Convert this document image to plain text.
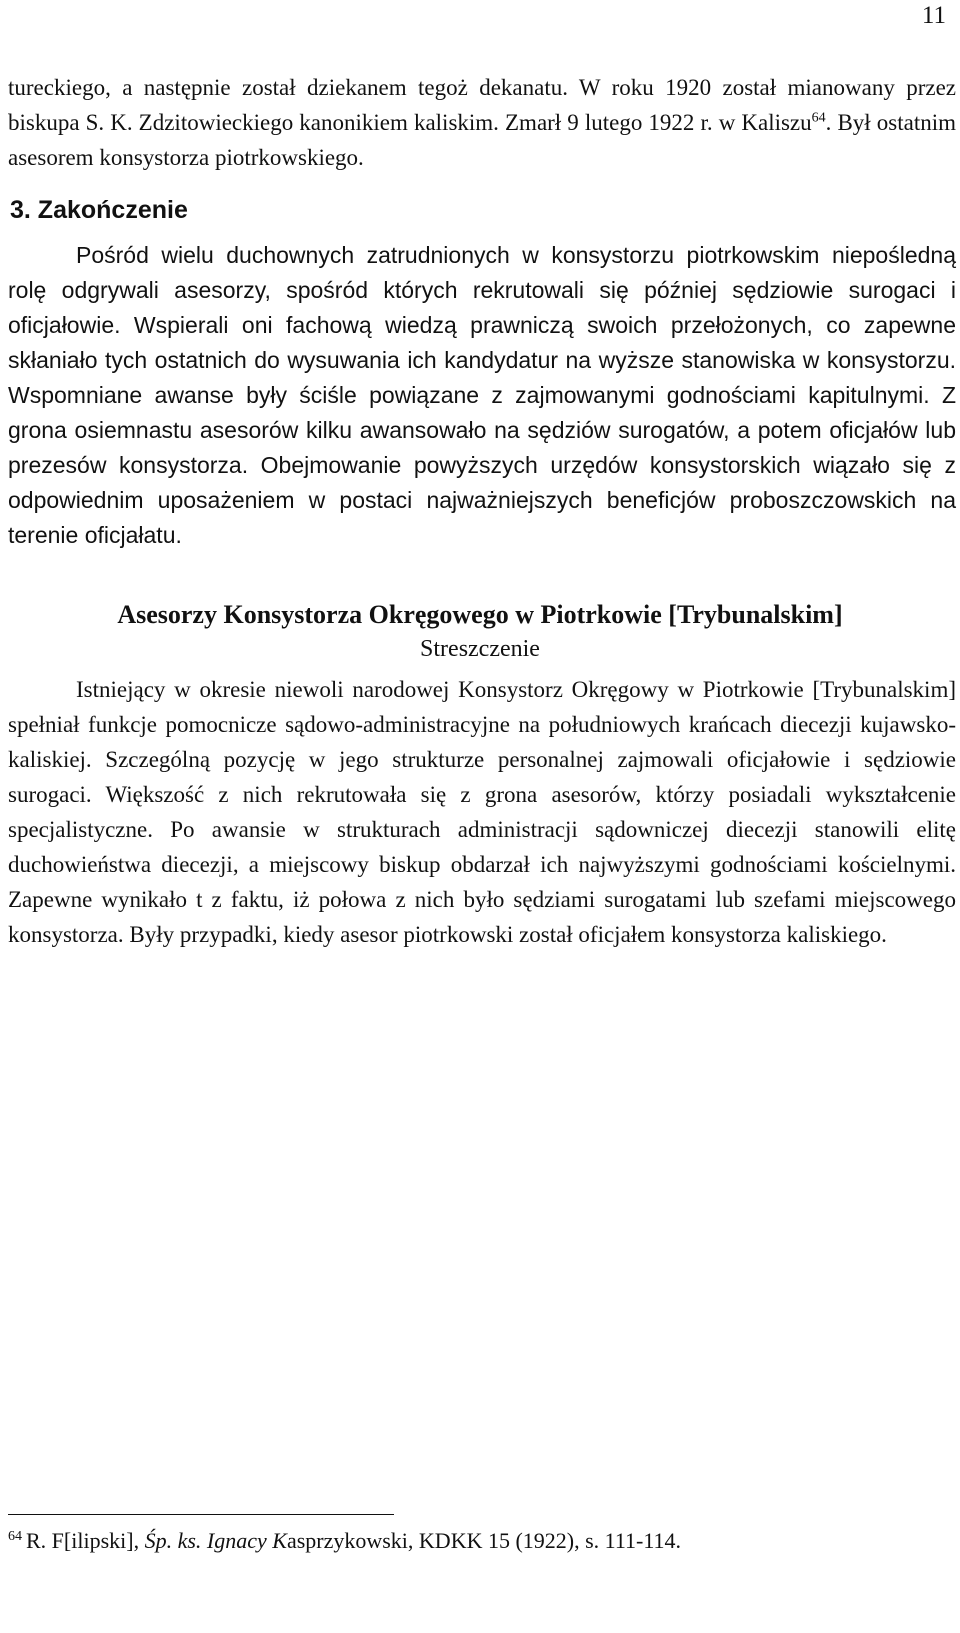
11

tureckiego, a następnie został dziekanem tegoż dekanatu. W roku 1920 został mianowany przez biskupa S. K. Zdzitowieckiego kanonikiem kaliskim. Zmarł 9 lutego 1922 r. w Kaliszu$^{64}$. Był ostatnim asesorem konsystorza piotrkowskiego.

3. Zakończenie

Pośród wielu duchownych zatrudnionych w konsystorzu piotrkowskim niepośledną rolę odgrywali asesorzy, spośród których rekrutowali się później sędziowie surogaci i oficjałowie. Wspierali oni fachową wiedzą prawniczą swoich przełożonych, co zapewne skłaniało tych ostatnich do wysuwania ich kandydatur na wyższe stanowiska w konsystorzu. Wspomniane awanse były ściśle powiązane z zajmowanymi godnościami kapitulnymi. Z grona osiemnastu asesorów kilku awansowało na sędziów surogatów, a potem oficjałów lub prezesów konsystorza. Obejmowanie powyższych urzędów konsystorskich wiązało się z odpowiednim uposażeniem w postaci najważniejszych beneficjów proboszczowskich na terenie oficjałatu.

Asesorzy Konsystorza Okręgowego w Piotrkowie [Trybunalskim]
Streszczenie

Istniejący w okresie niewoli narodowej Konsystorz Okręgowy w Piotrkowie [Trybunalskim] spełniał funkcje pomocnicze sądowo-administracyjne na południowych krańcach diecezji kujawsko-kaliskiej. Szczególną pozycję w jego strukturze personalnej zajmowali oficjałowie i sędziowie surogaci. Większość z nich rekrutowała się z grona asesorów, którzy posiadali wykształcenie specjalistyczne. Po awansie w strukturach administracji sądowniczej diecezji stanowili elitę duchowieństwa diecezji, a miejscowy biskup obdarzał ich najwyższymi godnościami kościelnymi. Zapewne wynikało t z faktu, iż połowa z nich było sędziami surogatami lub szefami miejscowego konsystorza. Były przypadki, kiedy asesor piotrkowski został oficjałem konsystorza kaliskiego.

$^{64}$ R. F[ilipski], Śp. ks. Ignacy Kasprzykowski, KDKK 15 (1922), s. 111-114.
